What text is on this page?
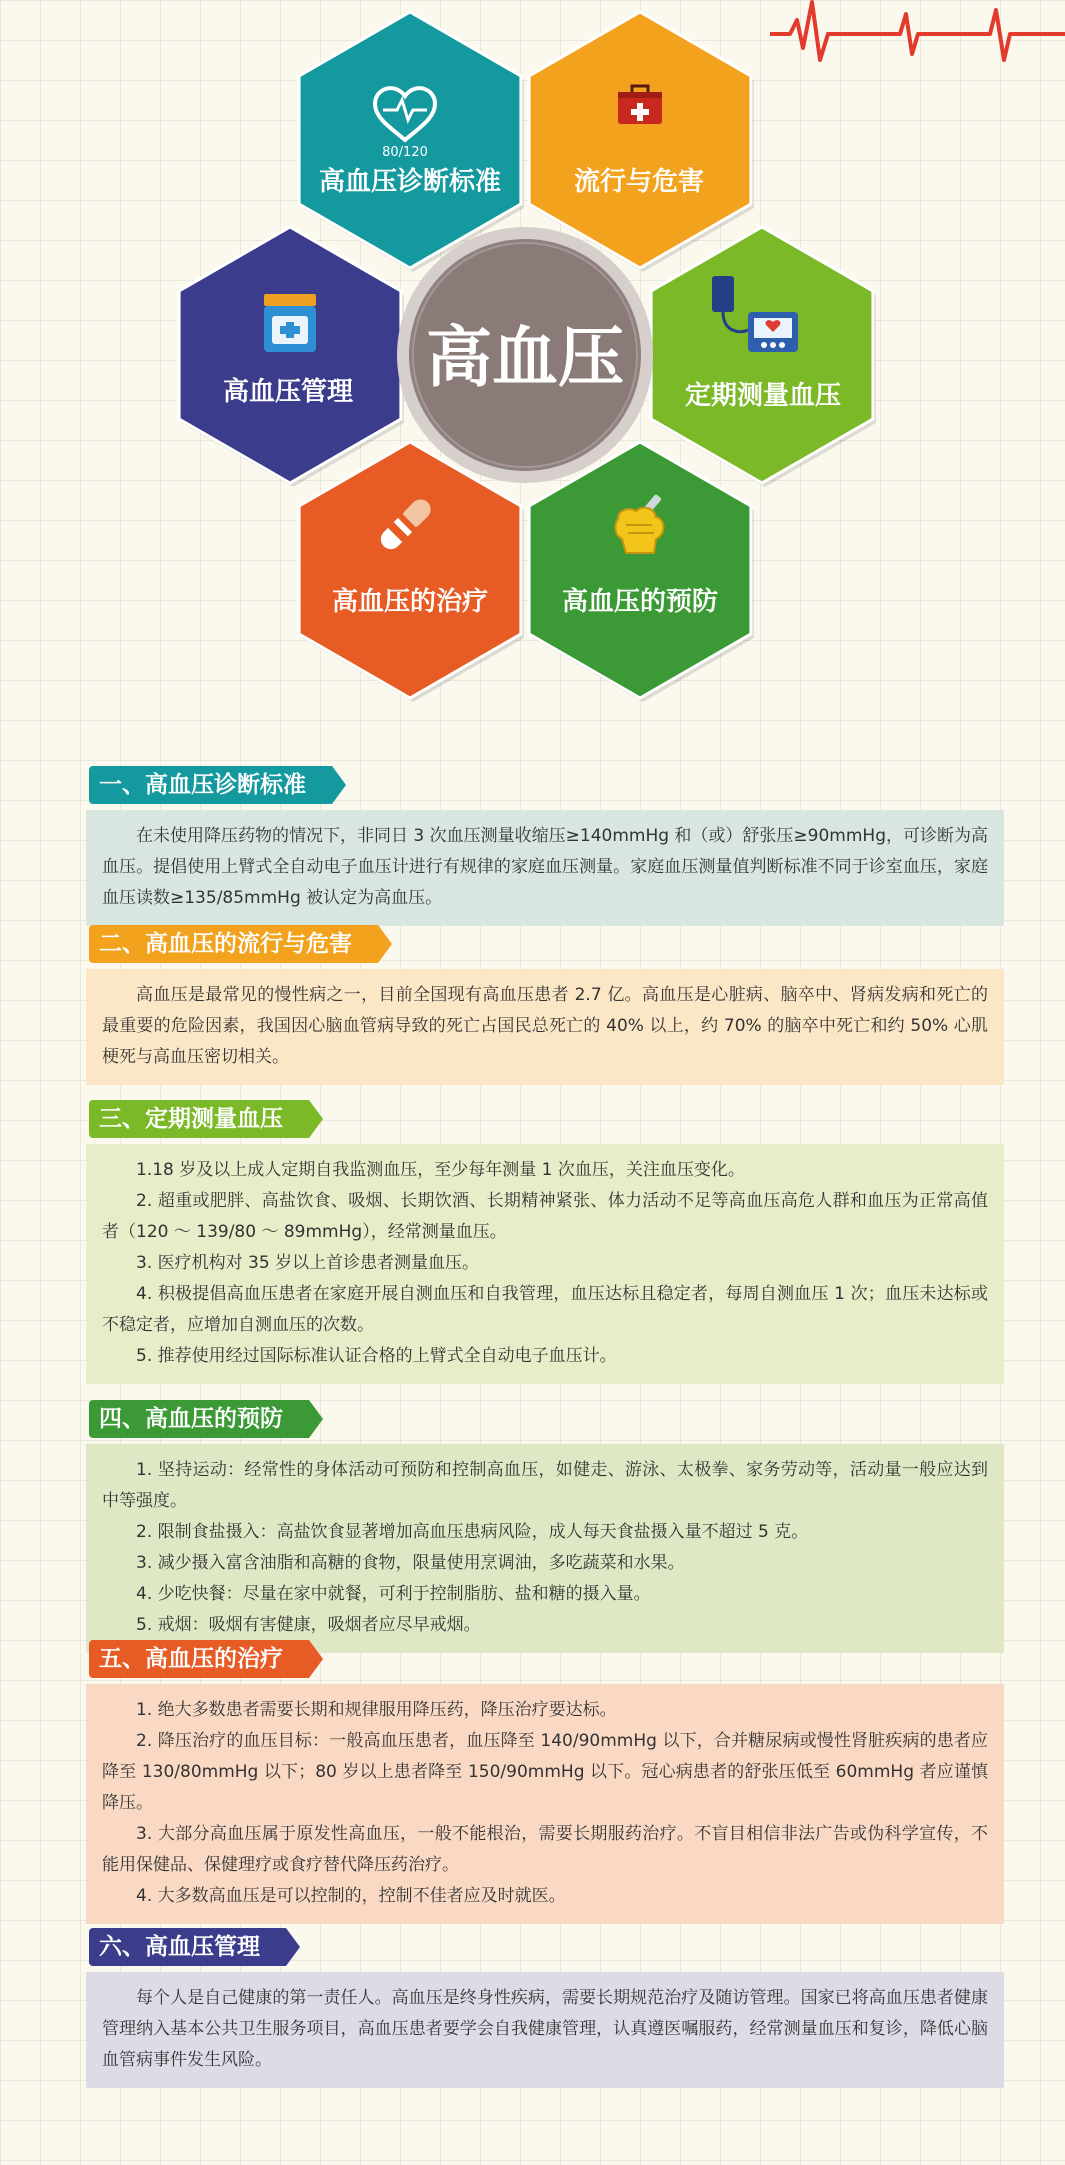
高血压
80/120
高血压诊断标准	流行与危害
定期测量血压
高血压的预防
高血压的治疗
高血压管理
一、高血压诊断标准

在未使用降压药物的情况下，非同日 3 次血压测量收缩压≥140mmHg 和（或）舒张压≥90mmHg，可诊断为高血压。提倡使用上臂式全自动电子血压计进行有规律的家庭血压测量。家庭血压测量值判断标准不同于诊室血压，家庭血压读数≥135/85mmHg 被认定为高血压。

二、高血压的流行与危害

高血压是最常见的慢性病之一，目前全国现有高血压患者 2.7 亿。高血压是心脏病、脑卒中、肾病发病和死亡的最重要的危险因素，我国因心脑血管病导致的死亡占国民总死亡的 40% 以上，约 70% 的脑卒中死亡和约 50% 心肌梗死与高血压密切相关。

三、定期测量血压

1.18 岁及以上成人定期自我监测血压，至少每年测量 1 次血压，关注血压变化。

2. 超重或肥胖、高盐饮食、吸烟、长期饮酒、长期精神紧张、体力活动不足等高血压高危人群和血压为正常高值者（120 ～ 139/80 ～ 89mmHg），经常测量血压。

3. 医疗机构对 35 岁以上首诊患者测量血压。

4. 积极提倡高血压患者在家庭开展自测血压和自我管理，血压达标且稳定者，每周自测血压 1 次；血压未达标或不稳定者，应增加自测血压的次数。

5. 推荐使用经过国际标准认证合格的上臂式全自动电子血压计。

四、高血压的预防

1. 坚持运动：经常性的身体活动可预防和控制高血压，如健走、游泳、太极拳、家务劳动等，活动量一般应达到中等强度。

2. 限制食盐摄入：高盐饮食显著增加高血压患病风险，成人每天食盐摄入量不超过 5 克。

3. 减少摄入富含油脂和高糖的食物，限量使用烹调油，多吃蔬菜和水果。

4. 少吃快餐：尽量在家中就餐，可利于控制脂肪、盐和糖的摄入量。

5. 戒烟：吸烟有害健康，吸烟者应尽早戒烟。

五、高血压的治疗

1. 绝大多数患者需要长期和规律服用降压药，降压治疗要达标。

2. 降压治疗的血压目标：一般高血压患者，血压降至 140/90mmHg 以下，合并糖尿病或慢性肾脏疾病的患者应降至 130/80mmHg 以下；80 岁以上患者降至 150/90mmHg 以下。冠心病患者的舒张压低至 60mmHg 者应谨慎降压。

3. 大部分高血压属于原发性高血压，一般不能根治，需要长期服药治疗。不盲目相信非法广告或伪科学宣传，不能用保健品、保健理疗或食疗替代降压药治疗。

4. 大多数高血压是可以控制的，控制不佳者应及时就医。

六、高血压管理

每个人是自己健康的第一责任人。高血压是终身性疾病，需要长期规范治疗及随访管理。国家已将高血压患者健康管理纳入基本公共卫生服务项目，高血压患者要学会自我健康管理，认真遵医嘱服药，经常测量血压和复诊，降低心脑血管病事件发生风险。
